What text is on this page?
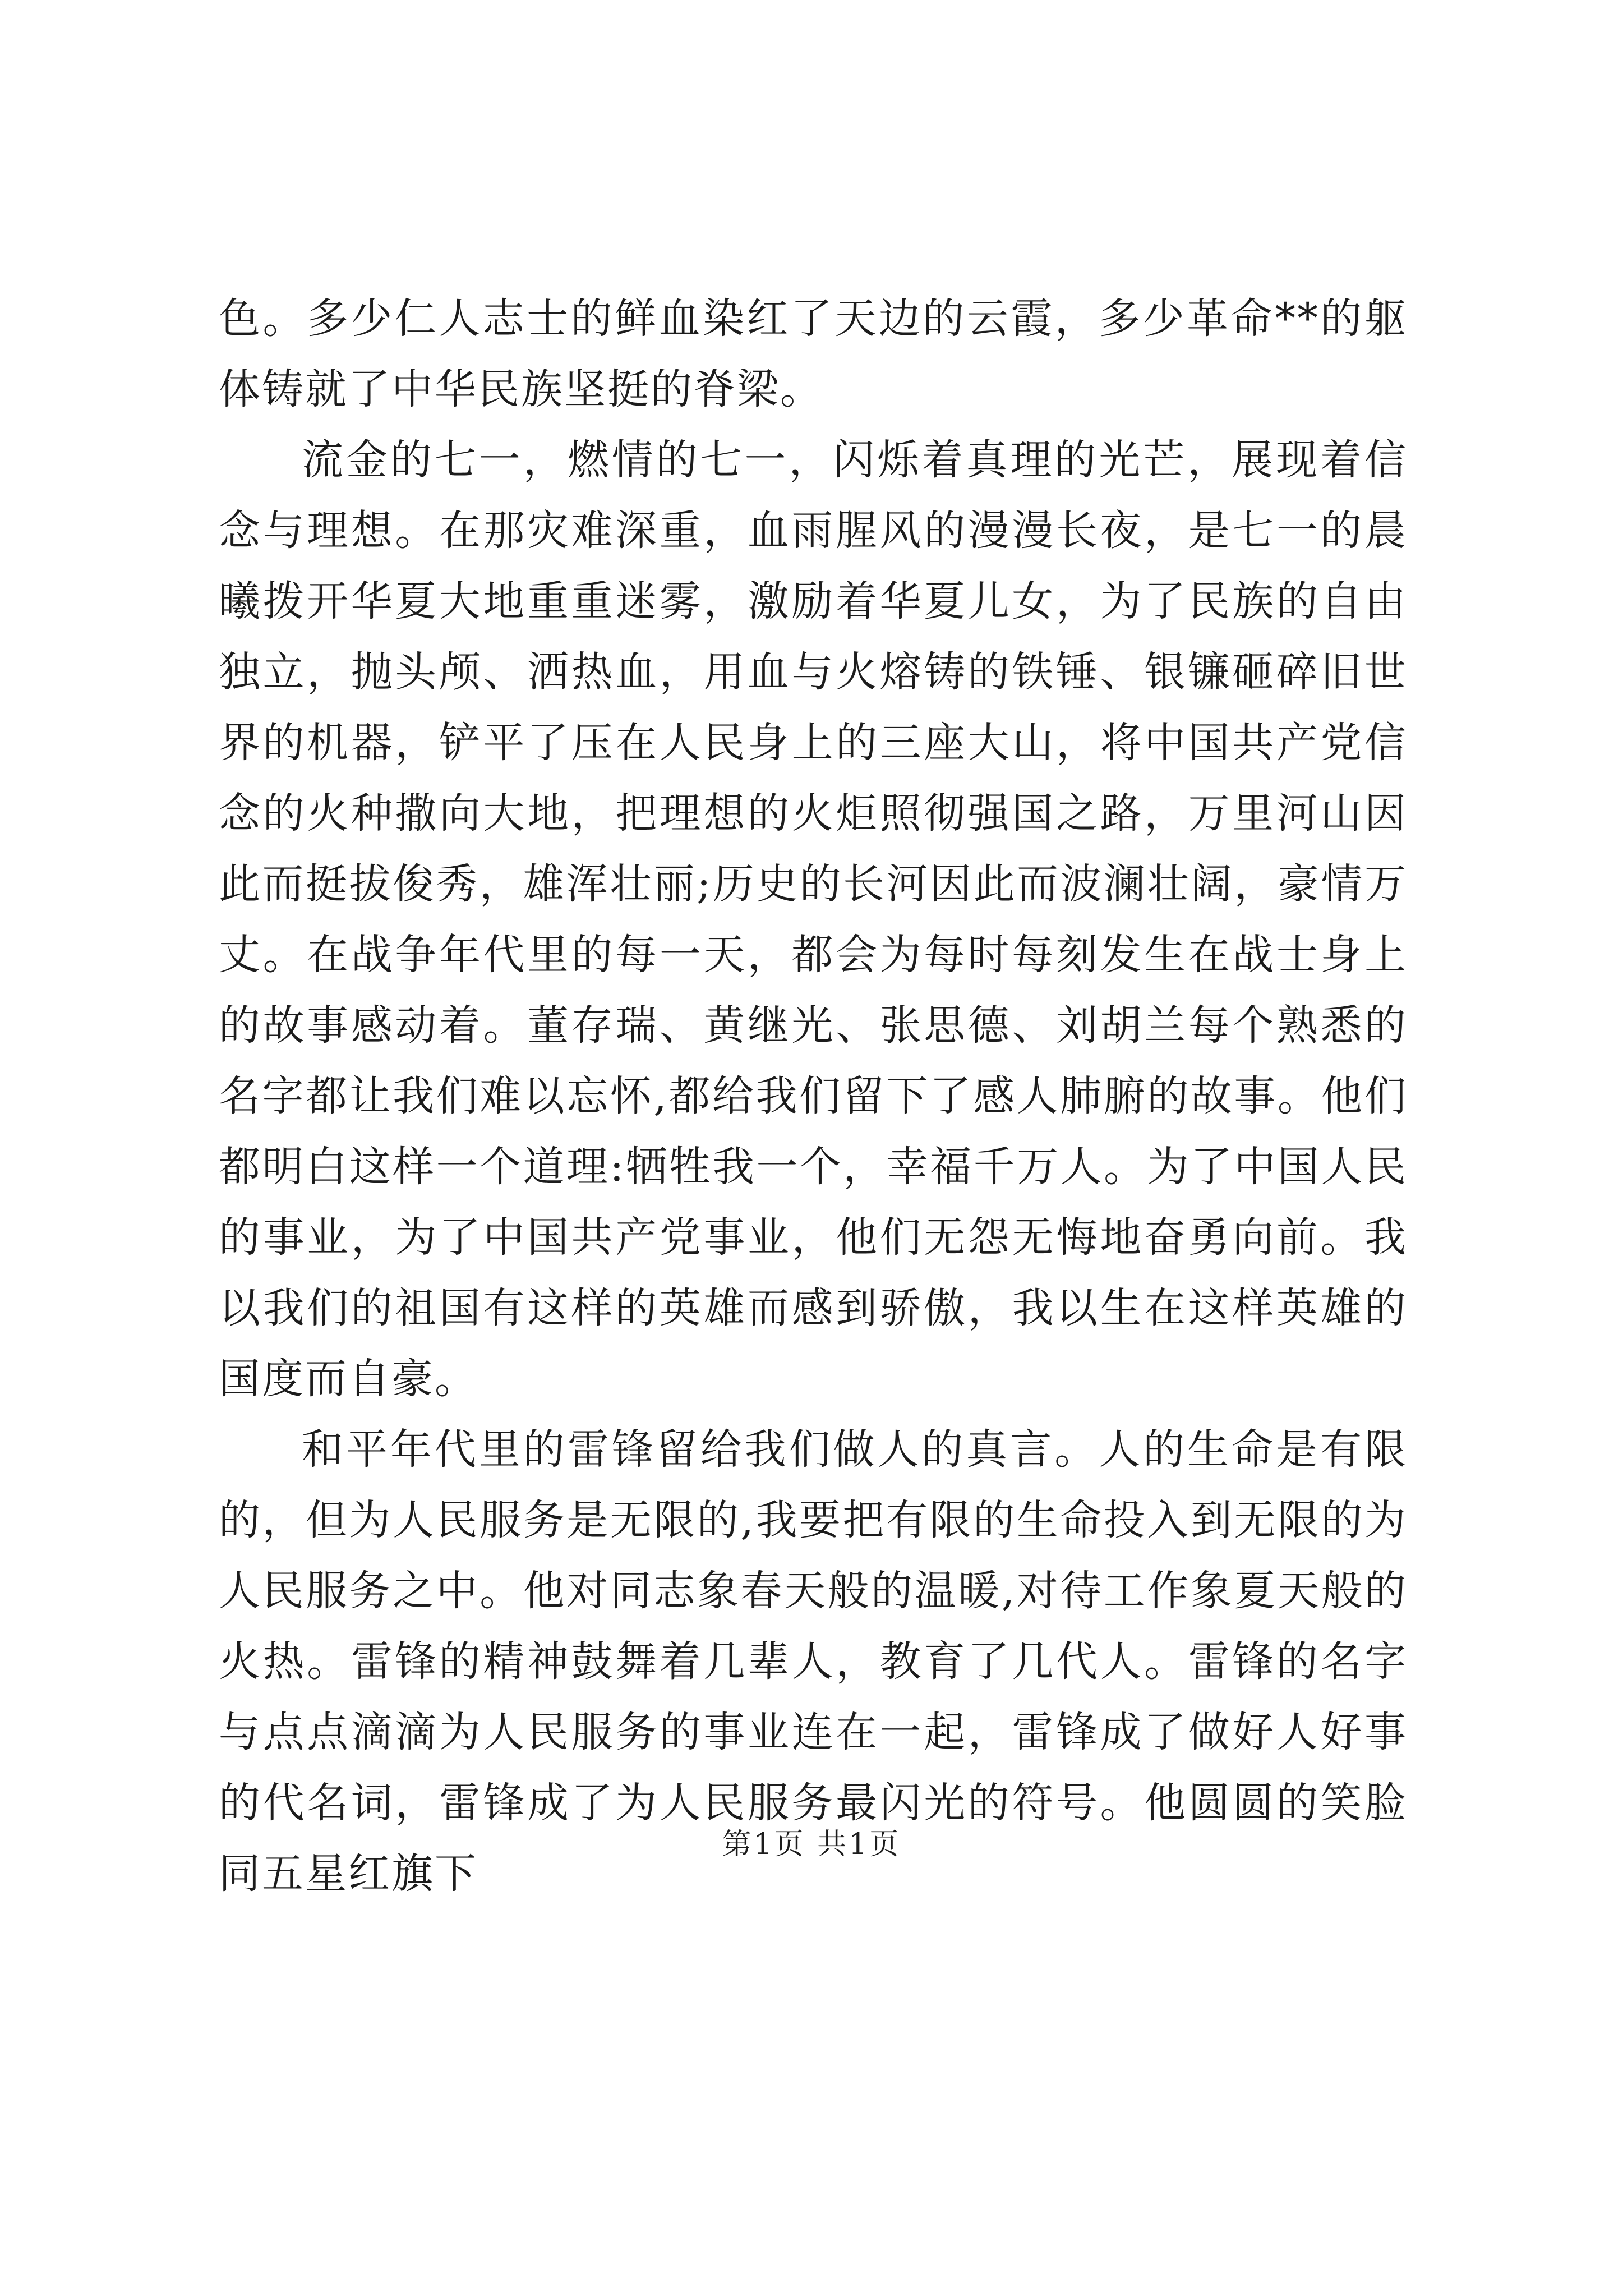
色。多少仁人志士的鲜血染红了天边的云霞，多少革命**的躯体铸就了中华民族坚挺的脊梁。

流金的七一，燃情的七一，闪烁着真理的光芒，展现着信念与理想。在那灾难深重，血雨腥风的漫漫长夜，是七一的晨曦拨开华夏大地重重迷雾，激励着华夏儿女，为了民族的自由独立，抛头颅、洒热血，用血与火熔铸的铁锤、银镰砸碎旧世界的机器，铲平了压在人民身上的三座大山，将中国共产党信念的火种撒向大地，把理想的火炬照彻强国之路，万里河山因此而挺拔俊秀，雄浑壮丽;历史的长河因此而波澜壮阔，豪情万丈。在战争年代里的每一天，都会为每时每刻发生在战士身上的故事感动着。董存瑞、黄继光、张思德、刘胡兰每个熟悉的名字都让我们难以忘怀,都给我们留下了感人肺腑的故事。他们都明白这样一个道理:牺牲我一个，幸福千万人。为了中国人民的事业，为了中国共产党事业，他们无怨无悔地奋勇向前。我以我们的祖国有这样的英雄而感到骄傲，我以生在这样英雄的国度而自豪。

和平年代里的雷锋留给我们做人的真言。人的生命是有限的，但为人民服务是无限的,我要把有限的生命投入到无限的为人民服务之中。他对同志象春天般的温暖,对待工作象夏天般的火热。雷锋的精神鼓舞着几辈人，教育了几代人。雷锋的名字与点点滴滴为人民服务的事业连在一起，雷锋成了做好人好事的代名词，雷锋成了为人民服务最闪光的符号。他圆圆的笑脸同五星红旗下

第1页 共1页
